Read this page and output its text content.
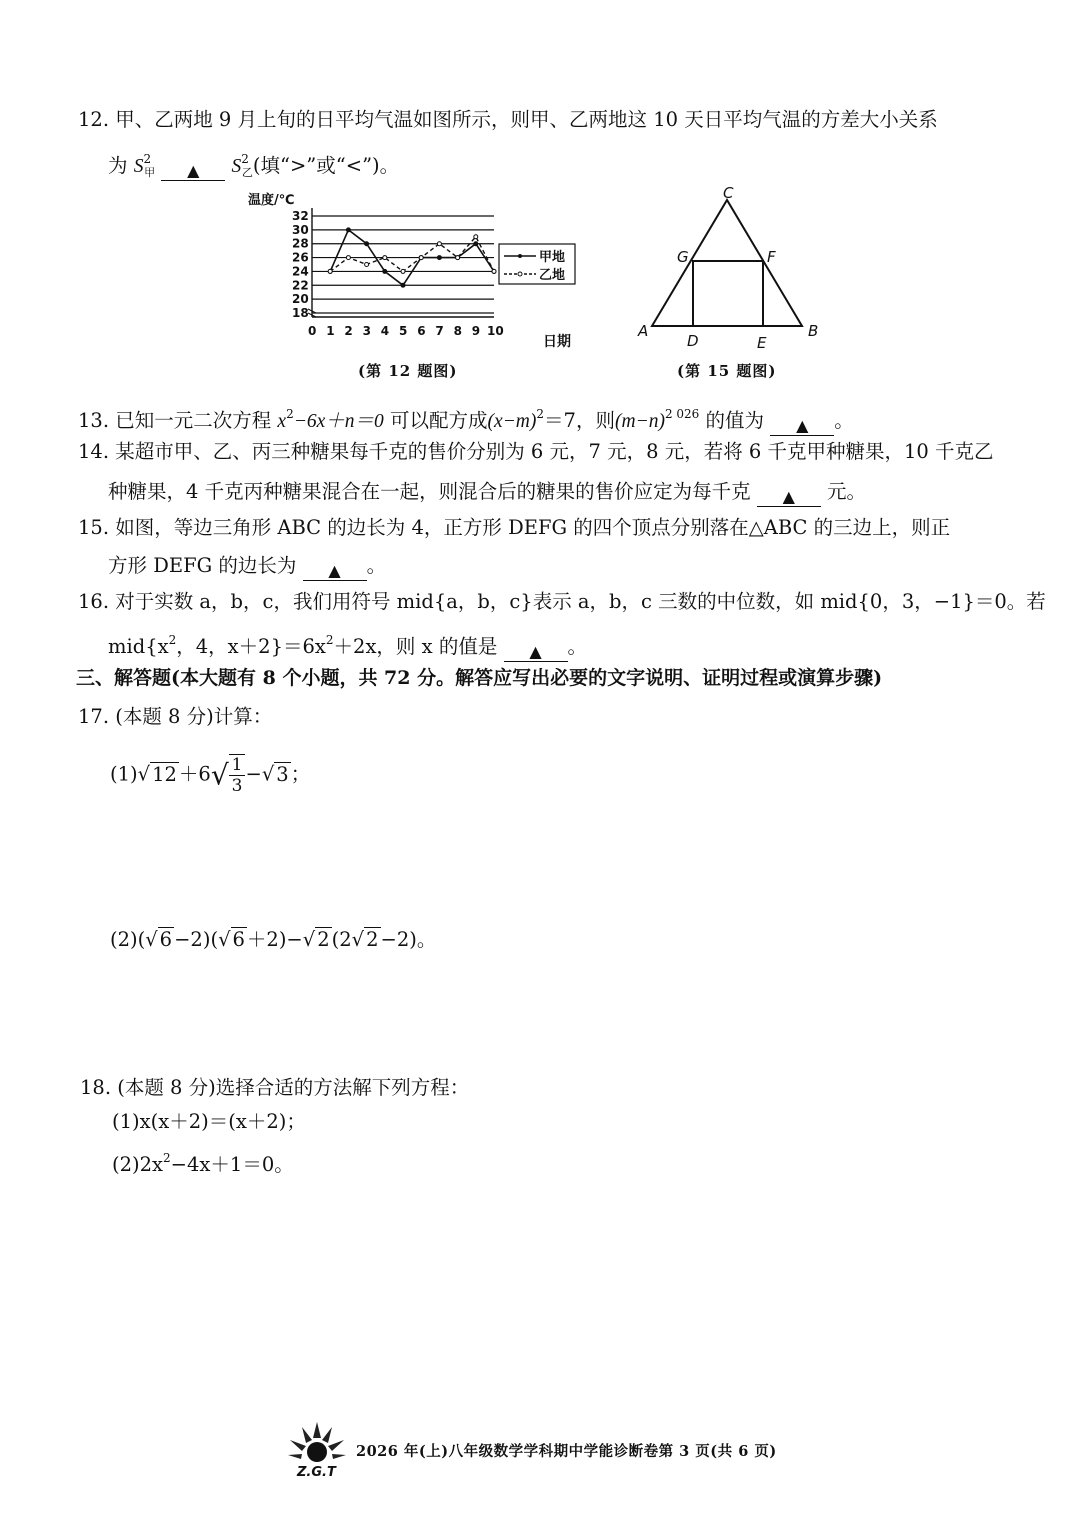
12. 甲、乙两地 9 月上旬的日平均气温如图所示，则甲、乙两地这 10 天日平均气温的方差大小关系
为 $S^2_甲$ ▲ $S^2_乙$(填“>”或“<”)。
温度/℃
0 1 2 3 4 5 6 7 8 9 10
18
20
22
24
26
28
30
32
日期
甲地
乙地
(第 12 题图)
C
G	F
A	B
D	E
(第 15 题图)
13. 已知一元二次方程 $x^2-6x+n=0$ 可以配方成$(x-m)^2=7$，则$(m-n)^{2 026}$ 的值为 ▲ 。
14. 某超市甲、乙、丙三种糖果每千克的售价分别为 6 元，7 元，8 元，若将 6 千克甲种糖果，10 千克乙
种糖果，4 千克丙种糖果混合在一起，则混合后的糖果的售价应定为每千克 ▲ 元。
15. 如图，等边三角形 ABC 的边长为 4，正方形 DEFG 的四个顶点分别落在△ABC 的三边上，则正
方形 DEFG 的边长为 ▲ 。
16. 对于实数 a，b，c，我们用符号 mid{a，b，c}表示 a，b，c 三数的中位数，如 mid{0，3，−1}＝0。若
$mid\{x^2$，4，$x+2\}=6x^2+2x$，则 x 的值是 ▲ 。
三、解答题(本大题有 8 个小题，共 72 分。解答应写出必要的文字说明、证明过程或演算步骤)
17. (本题 8 分)计算：
(1)√ $12 +6√ \frac{1}{3}$ −√ 3 ；
(2)(√ 6 −2)(√ 6 ＋2)−√ 2 (2√ 2 −2)。
18. (本题 8 分)选择合适的方法解下列方程：
(1)x(x＋2)＝(x＋2)；
$(2)2x^2-4x+1=0$。
Z.G.T
2026 年(上)八年级数学学科期中学能诊断卷第 3 页(共 6 页)
